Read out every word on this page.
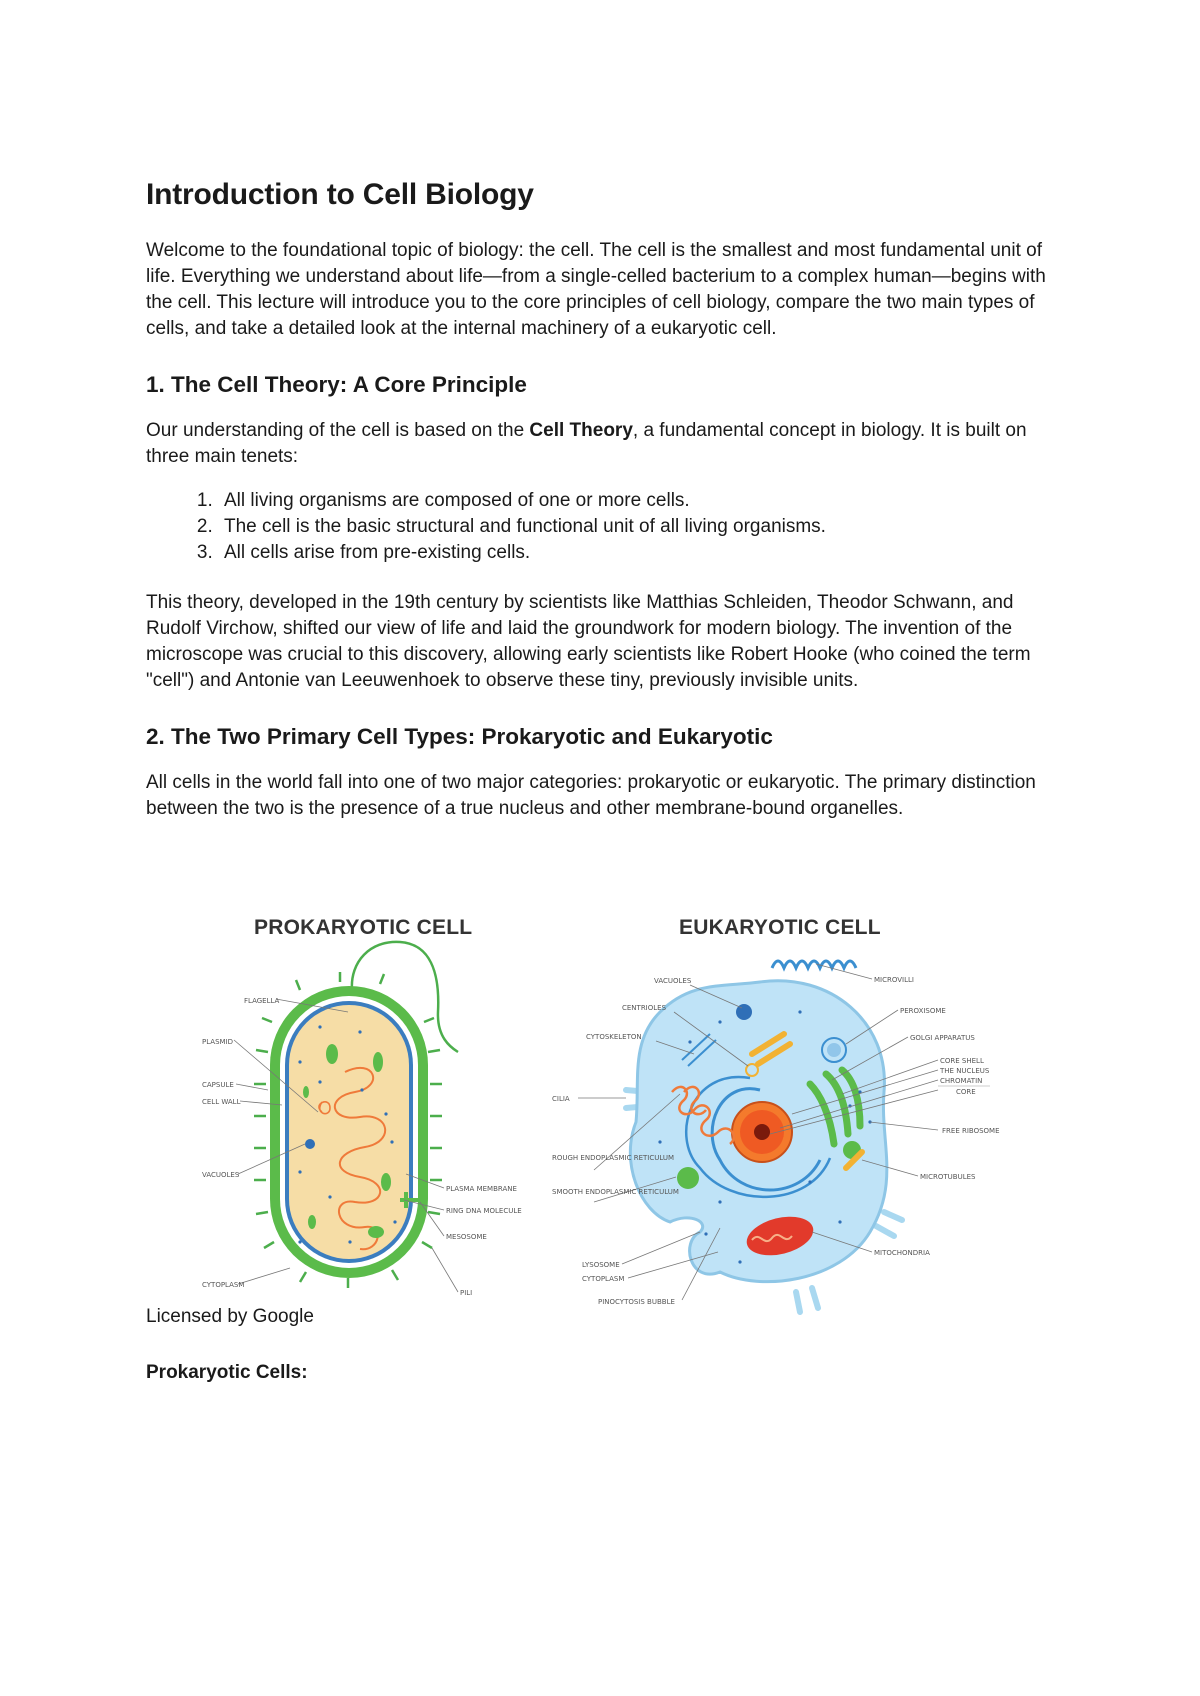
Introduction to Cell Biology

Welcome to the foundational topic of biology: the cell. The cell is the smallest and most fundamental unit of life. Everything we understand about life—from a single-celled bacterium to a complex human—begins with the cell. This lecture will introduce you to the core principles of cell biology, compare the two main types of cells, and take a detailed look at the internal machinery of a eukaryotic cell.

1. The Cell Theory: A Core Principle

Our understanding of the cell is based on the Cell Theory, a fundamental concept in biology. It is built on three main tenets:

1. All living organisms are composed of one or more cells.
2. The cell is the basic structural and functional unit of all living organisms.
3. All cells arise from pre-existing cells.

This theory, developed in the 19th century by scientists like Matthias Schleiden, Theodor Schwann, and Rudolf Virchow, shifted our view of life and laid the groundwork for modern biology. The invention of the microscope was crucial to this discovery, allowing early scientists like Robert Hooke (who coined the term "cell") and Antonie van Leeuwenhoek to observe these tiny, previously invisible units.

2. The Two Primary Cell Types: Prokaryotic and Eukaryotic

All cells in the world fall into one of two major categories: prokaryotic or eukaryotic. The primary distinction between the two is the presence of a true nucleus and other membrane-bound organelles.

PROKARYOTIC CELL	EUKARYOTIC CELL
FLAGELLA
PLASMID
CAPSULE
CELL WALL
VACUOLES
CYTOPLASM
PLASMA MEMBRANE
RING DNA MOLECULE
MESOSOME
PILI
VACUOLES
CENTRIOLES
CYTOSKELETON
CILIA
ROUGH ENDOPLASMIC RETICULUM
SMOOTH ENDOPLASMIC RETICULUM
LYSOSOME
CYTOPLASM
PINOCYTOSIS BUBBLE
MICROVILLI
PEROXISOME
GOLGI APPARATUS
CORE SHELL
THE NUCLEUS
CHROMATIN
CORE
FREE RIBOSOME
MICROTUBULES
MITOCHONDRIA

Licensed by Google

Prokaryotic Cells:
